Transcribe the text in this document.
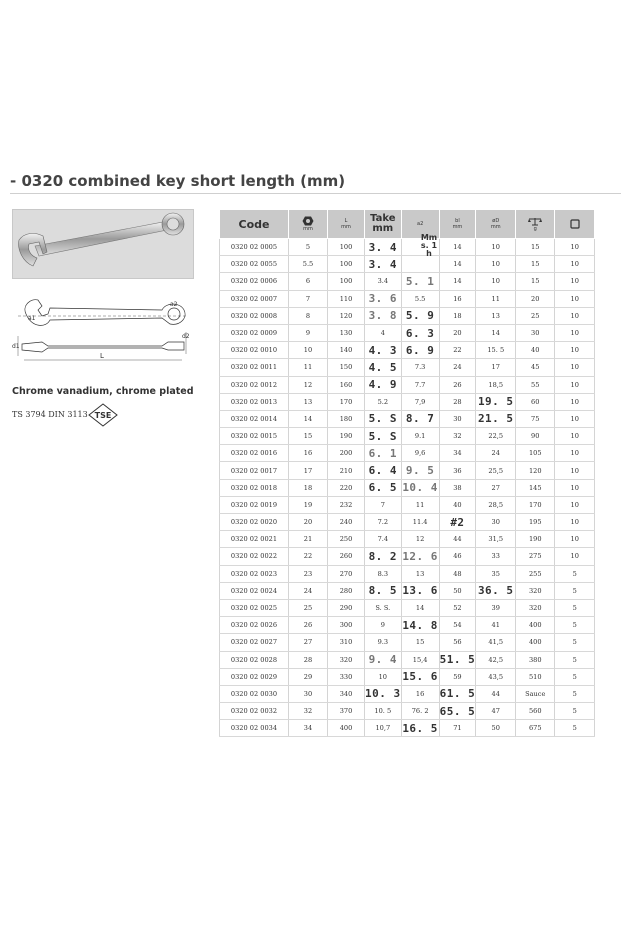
- 0320 combined key short length (mm)
a1
a2
d1
L
d2
Chrome vanadium, chrome plated
TS 3794 DIN 3113 TSE
Code	mm	L
mm	Take
mm	a2	bl
mm	øD
mm	g

0320 02 0005	5	100	3. 4		14	10	15	10
0320 02 0055	5.5	100	3. 4		14	10	15	10
0320 02 0006	6	100	3.4	5. 1	14	10	15	10
0320 02 0007	7	110	3. 6	5.5	16	11	20	10
0320 02 0008	8	120	3. 8	5. 9	18	13	25	10
0320 02 0009	9	130	4	6. 3	20	14	30	10
0320 02 0010	10	140	4. 3	6. 9	22	15. 5	40	10
0320 02 0011	11	150	4. 5	7.3	24	17	45	10
0320 02 0012	12	160	4. 9	7.7	26	18,5	55	10
0320 02 0013	13	170	5.2	7,9	28	19. 5	60	10
0320 02 0014	14	180	5. S	8. 7	30	21. 5	75	10
0320 02 0015	15	190	5. S	9.1	32	22,5	90	10
0320 02 0016	16	200	6. 1	9,6	34	24	105	10
0320 02 0017	17	210	6. 4	9. 5	36	25,5	120	10
0320 02 0018	18	220	6. 5	10. 4	38	27	145	10
0320 02 0019	19	232	7	11	40	28,5	170	10
0320 02 0020	20	240	7.2	11.4	#2	30	195	10
0320 02 0021	21	250	7.4	12	44	31,5	190	10
0320 02 0022	22	260	8. 2	12. 6	46	33	275	10
0320 02 0023	23	270	8.3	13	48	35	255	5
0320 02 0024	24	280	8. 5	13. 6	50	36. 5	320	5
0320 02 0025	25	290	S. S.	14	52	39	320	5
0320 02 0026	26	300	9	14. 8	54	41	400	5
0320 02 0027	27	310	9.3	15	56	41,5	400	5
0320 02 0028	28	320	9. 4	15,4	51. 5	42,5	380	5
0320 02 0029	29	330	10	15. 6	59	43,5	510	5
0320 02 0030	30	340	10. 3	16	61. 5	44	Sauce	5
0320 02 0032	32	370	10. 5	76. 2	65. 5	47	560	5
0320 02 0034	34	400	10,7	16. 5	71	50	675	5
Mm
s. 1
h
